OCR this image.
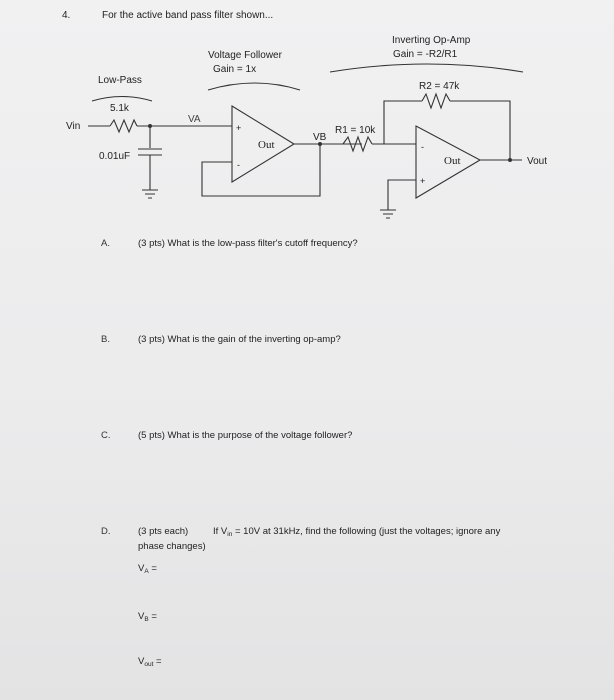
4.	For the active band pass filter shown...
Voltage Follower
Gain = 1x
Inverting Op-Amp
Gain = -R2/R1
Low-Pass
5.1k
Vin
0.01uF
VA
VB
R1 = 10k
R2 = 47k
Out
Out	Vout
+
-
-
+
A.	(3 pts) What is the low-pass filter's cutoff frequency?
B.	(3 pts) What is the gain of the inverting op-amp?
C.	(5 pts) What is the purpose of the voltage follower?
D.	(3 pts each)	If $V_{in} = 10V$ at 31kHz, find the following (just the voltages; ignore any
phase changes)
$V_A$ =
$V_B$ =
$V_{out}$ =
